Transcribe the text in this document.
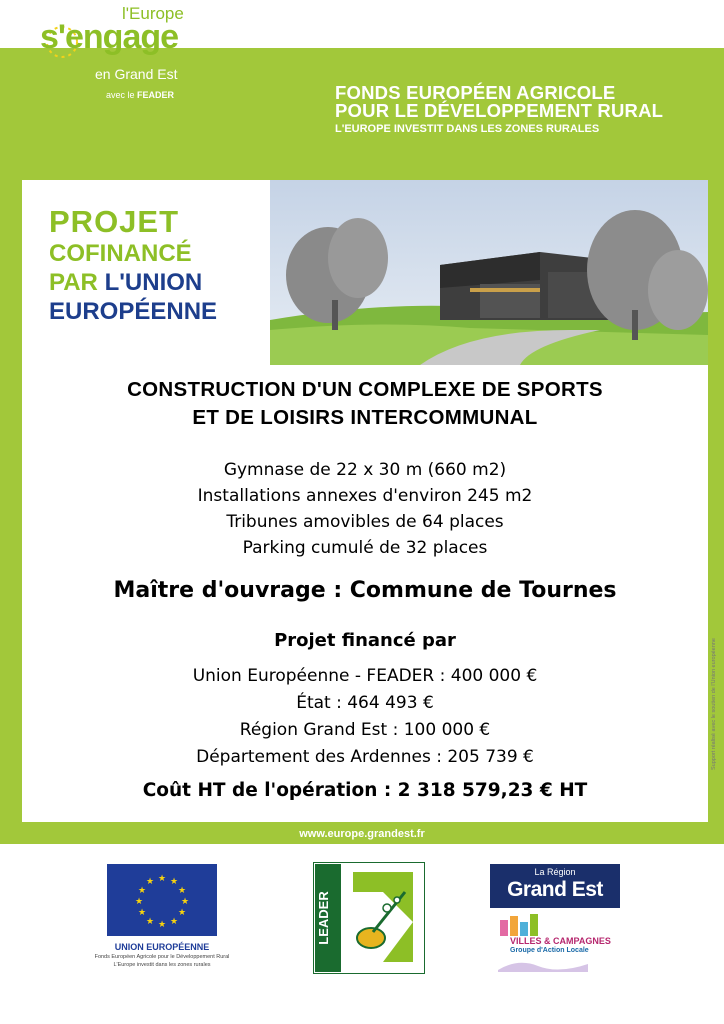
l'Europe
s'engage
en Grand Est
avec le FEADER	FONDS EUROPÉEN AGRICOLE
POUR LE DÉVELOPPEMENT RURAL
L'EUROPE INVESTIT DANS LES ZONES RURALES
PROJET
COFINANCÉ
PAR L'UNION
EUROPÉENNE
CONSTRUCTION D'UN COMPLEXE DE SPORTS
ET DE LOISIRS INTERCOMMUNAL
Gymnase de 22 x 30 m (660 m2)
Installations annexes d'environ 245 m2
Tribunes amovibles de 64 places
Parking cumulé de 32 places
Maître d'ouvrage : Commune de Tournes
Projet financé par
Union Européenne - FEADER : 400 000 €
État : 464 493 €
Région Grand Est : 100 000 €
Département des Ardennes : 205 739 €
Coût HT de l'opération : 2 318 579,23 € HT
Support réalisé avec le soutien de l'Union européenne
www.europe.grandest.fr
★ ★
★
★
★
★
★
★
★
★
★
★
UNION EUROPÉENNE
Fonds Européen Agricole pour le Développement Rural
L'Europe investit dans les zones rurales
LEADER
La Région
Grand Est
VILLES & CAMPAGNES
Groupe d'Action Locale
